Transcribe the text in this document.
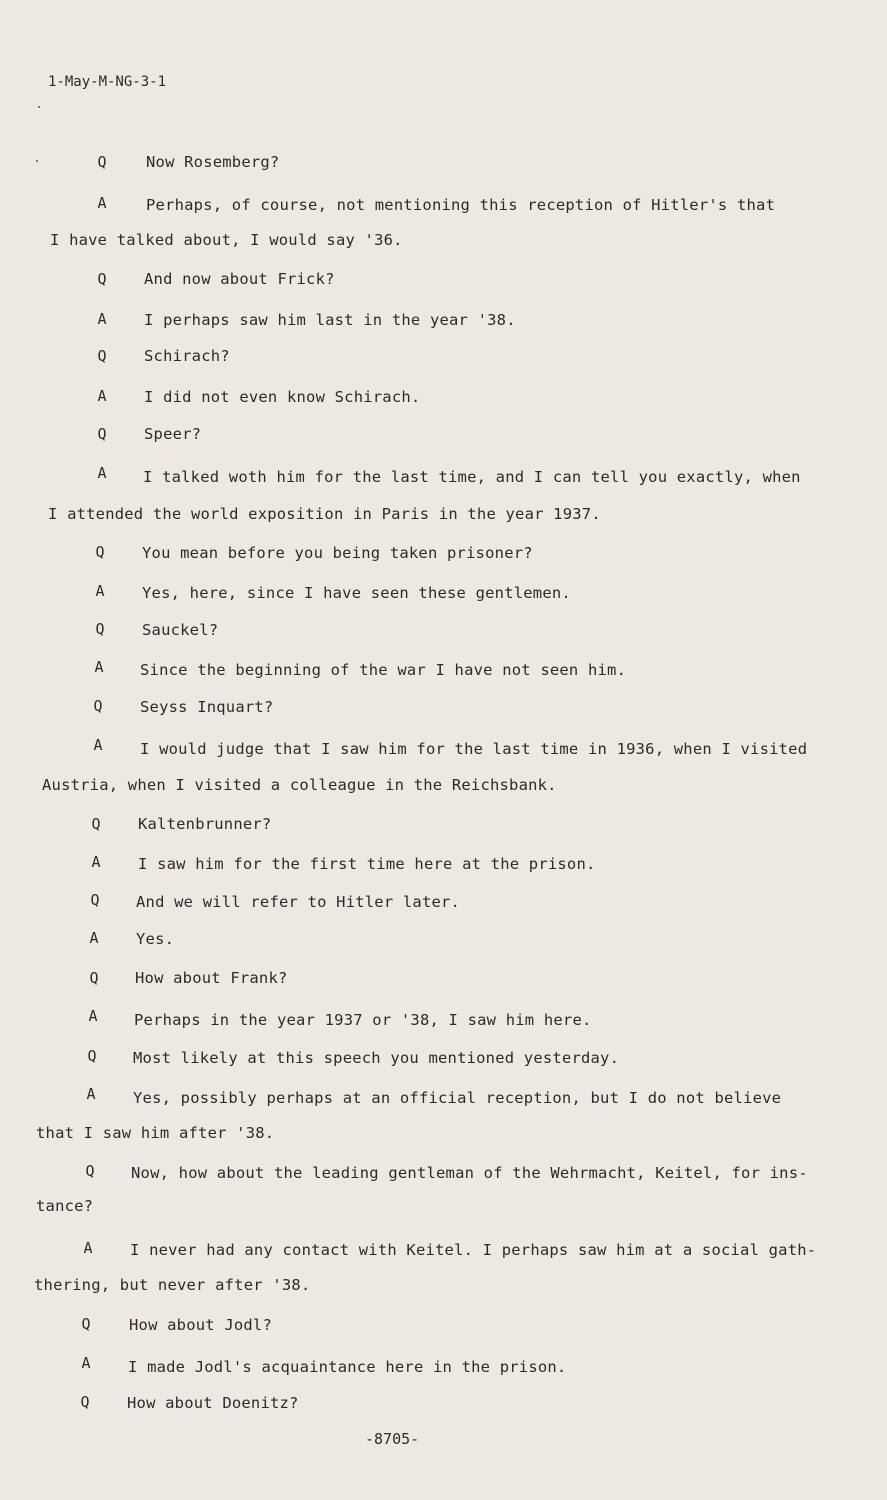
1-May-M-NG-3-1
Q	Now Rosemberg?
A	Perhaps, of course, not mentioning this reception of Hitler's that
I have talked about, I would say '36.
Q	And now about Frick?
A	I perhaps saw him last in the year '38.
Q	Schirach?
A	I did not even know Schirach.
Q	Speer?
A	I talked woth him for the last time, and I can tell you exactly, when
I attended the world exposition in Paris in the year 1937.
Q	You mean before you being taken prisoner?
A	Yes, here, since I have seen these gentlemen.
Q	Sauckel?
A	Since the beginning of the war I have not seen him.
Q	Seyss Inquart?
A	I would judge that I saw him for the last time in 1936, when I visited
Austria, when I visited a colleague in the Reichsbank.
Q	Kaltenbrunner?
A	I saw him for the first time here at the prison.
Q	And we will refer to Hitler later.
A	Yes.
Q	How about Frank?
A	Perhaps in the year 1937 or '38, I saw him here.
Q	Most likely at this speech you mentioned yesterday.
A	Yes, possibly perhaps at an official reception, but I do not believe
that I saw him after '38.
Q	Now, how about the leading gentleman of the Wehrmacht, Keitel, for ins-
tance?
A	I never had any contact with Keitel. I perhaps saw him at a social gath-
thering, but never after '38.
Q	How about Jodl?
A	I made Jodl's acquaintance here in the prison.
Q	How about Doenitz?
-8705-
